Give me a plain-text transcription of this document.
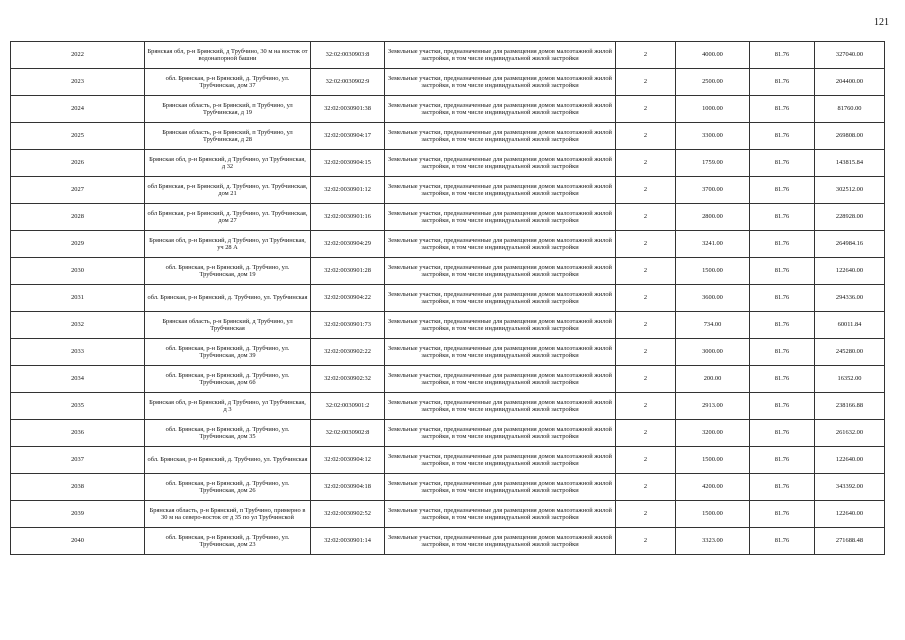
121
2022	Брянская обл, р-н Брянский, д Трубчино, 30 м на восток от водонапорной башни	32:02:0030903:8	Земельные участки, предназначенные для размещения домов малоэтажной жилой застройки, в том числе индивидуальной жилой застройки	2	4000.00	81.76	327040.00
2023	обл. Брянская, р-н Брянский, д. Трубчино, ул. Трубчинская, дом 37	32:02:0030902:9	Земельные участки, предназначенные для размещения домов малоэтажной жилой застройки, в том числе индивидуальной жилой застройки	2	2500.00	81.76	204400.00
2024	Брянская область, р-н Брянский, п Трубчино, ул Трубчинская, д 19	32:02:0030901:38	Земельные участки, предназначенные для размещения домов малоэтажной жилой застройки, в том числе индивидуальной жилой застройки	2	1000.00	81.76	81760.00
2025	Брянская область, р-н Брянский, п Трубчино, ул Трубчинская, д 28	32:02:0030904:17	Земельные участки, предназначенные для размещения домов малоэтажной жилой застройки, в том числе индивидуальной жилой застройки	2	3300.00	81.76	269808.00
2026	Брянская обл, р-н Брянский, д Трубчино, ул Трубчинская, д 32	32:02:0030904:15	Земельные участки, предназначенные для размещения домов малоэтажной жилой застройки, в том числе индивидуальной жилой застройки	2	1759.00	81.76	143815.84
2027	обл Брянская, р-н Брянский, д. Трубчино, ул. Трубчинская, дом 21	32:02:0030901:12	Земельные участки, предназначенные для размещения домов малоэтажной жилой застройки, в том числе индивидуальной жилой застройки	2	3700.00	81.76	302512.00
2028	обл Брянская, р-н Брянский, д. Трубчино, ул. Трубчинская, дом 27	32:02:0030901:16	Земельные участки, предназначенные для размещения домов малоэтажной жилой застройки, в том числе индивидуальной жилой застройки	2	2800.00	81.76	228928.00
2029	Брянская обл, р-н Брянский, д Трубчино, ул Трубчинская, уч 28 А	32:02:0030904:29	Земельные участки, предназначенные для размещения домов малоэтажной жилой застройки, в том числе индивидуальной жилой застройки	2	3241.00	81.76	264984.16
2030	обл. Брянская, р-н Брянский, д. Трубчино, ул. Трубчинская, дом 19	32:02:0030901:28	Земельные участки, предназначенные для размещения домов малоэтажной жилой застройки, в том числе индивидуальной жилой застройки	2	1500.00	81.76	122640.00
2031	обл. Брянская, р-н Брянский, д. Трубчино, ул. Трубчинская	32:02:0030904:22	Земельные участки, предназначенные для размещения домов малоэтажной жилой застройки, в том числе индивидуальной жилой застройки	2	3600.00	81.76	294336.00
2032	Брянская область, р-н Брянский, д Трубчино, ул Трубчинская	32:02:0030901:73	Земельные участки, предназначенные для размещения домов малоэтажной жилой застройки, в том числе индивидуальной жилой застройки	2	734.00	81.76	60011.84
2033	обл. Брянская, р-н Брянский, д. Трубчино, ул. Трубчинская, дом 39	32:02:0030902:22	Земельные участки, предназначенные для размещения домов малоэтажной жилой застройки, в том числе индивидуальной жилой застройки	2	3000.00	81.76	245280.00
2034	обл. Брянская, р-н Брянский, д. Трубчино, ул. Трубчинская, дом 6б	32:02:0030902:32	Земельные участки, предназначенные для размещения домов малоэтажной жилой застройки, в том числе индивидуальной жилой застройки	2	200.00	81.76	16352.00
2035	Брянская обл, р-н Брянский, д Трубчино, ул Трубчинская, д 3	32:02:0030901:2	Земельные участки, предназначенные для размещения домов малоэтажной жилой застройки, в том числе индивидуальной жилой застройки	2	2913.00	81.76	238166.88
2036	обл. Брянская, р-н Брянский, д. Трубчино, ул. Трубчинская, дом 35	32:02:0030902:8	Земельные участки, предназначенные для размещения домов малоэтажной жилой застройки, в том числе индивидуальной жилой застройки	2	3200.00	81.76	261632.00
2037	обл. Брянская, р-н Брянский, д. Трубчино, ул. Трубчинская	32:02:0030904:12	Земельные участки, предназначенные для размещения домов малоэтажной жилой застройки, в том числе индивидуальной жилой застройки	2	1500.00	81.76	122640.00
2038	обл. Брянская, р-н Брянский, д. Трубчино, ул. Трубчинская, дом 26	32:02:0030904:18	Земельные участки, предназначенные для размещения домов малоэтажной жилой застройки, в том числе индивидуальной жилой застройки	2	4200.00	81.76	343392.00
2039	Брянская область, р-н Брянский, п Трубчино, примерно в 30 м на северо-восток от д 35 по ул Трубчинской	32:02:0030902:52	Земельные участки, предназначенные для размещения домов малоэтажной жилой застройки, в том числе индивидуальной жилой застройки	2	1500.00	81.76	122640.00
2040	обл. Брянская, р-н Брянский, д. Трубчино, ул. Трубчинская, дом 23	32:02:0030901:14	Земельные участки, предназначенные для размещения домов малоэтажной жилой застройки, в том числе индивидуальной жилой застройки	2	3323.00	81.76	271688.48
